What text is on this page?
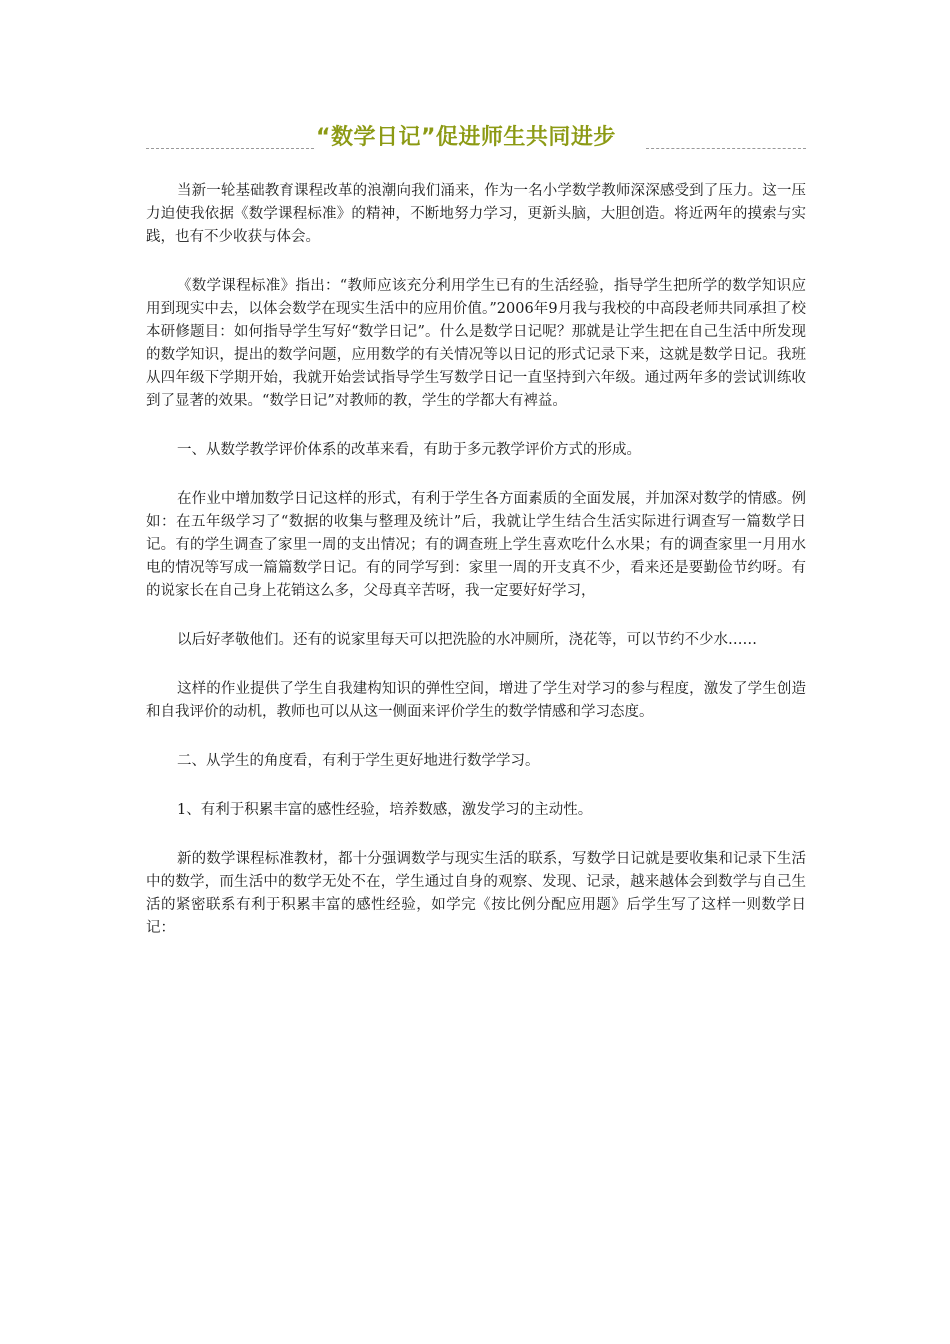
“数学日记”促进师生共同进步

当新一轮基础教育课程改革的浪潮向我们涌来，作为一名小学数学教师深深感受到了压力。这一压力迫使我依据《数学课程标准》的精神，不断地努力学习，更新头脑，大胆创造。将近两年的摸索与实践，也有不少收获与体会。

《数学课程标准》指出：“教师应该充分利用学生已有的生活经验，指导学生把所学的数学知识应用到现实中去，以体会数学在现实生活中的应用价值。”2006年9月我与我校的中高段老师共同承担了校本研修题目：如何指导学生写好“数学日记”。什么是数学日记呢？那就是让学生把在自己生活中所发现的数学知识，提出的数学问题，应用数学的有关情况等以日记的形式记录下来，这就是数学日记。我班从四年级下学期开始，我就开始尝试指导学生写数学日记一直坚持到六年级。通过两年多的尝试训练收到了显著的效果。“数学日记”对教师的教，学生的学都大有裨益。

一、从数学教学评价体系的改革来看，有助于多元教学评价方式的形成。

在作业中增加数学日记这样的形式，有利于学生各方面素质的全面发展，并加深对数学的情感。例如：在五年级学习了“数据的收集与整理及统计”后，我就让学生结合生活实际进行调查写一篇数学日记。有的学生调查了家里一周的支出情况；有的调查班上学生喜欢吃什么水果；有的调查家里一月用水电的情况等写成一篇篇数学日记。有的同学写到：家里一周的开支真不少，看来还是要勤俭节约呀。有的说家长在自己身上花销这么多，父母真辛苦呀，我一定要好好学习，

以后好孝敬他们。还有的说家里每天可以把洗脸的水冲厕所，浇花等，可以节约不少水……

这样的作业提供了学生自我建构知识的弹性空间，增进了学生对学习的参与程度，激发了学生创造和自我评价的动机，教师也可以从这一侧面来评价学生的数学情感和学习态度。

二、从学生的角度看，有利于学生更好地进行数学学习。

1、有利于积累丰富的感性经验，培养数感，激发学习的主动性。

新的数学课程标准教材，都十分强调数学与现实生活的联系，写数学日记就是要收集和记录下生活中的数学，而生活中的数学无处不在，学生通过自身的观察、发现、记录，越来越体会到数学与自己生活的紧密联系有利于积累丰富的感性经验，如学完《按比例分配应用题》后学生写了这样一则数学日记：
